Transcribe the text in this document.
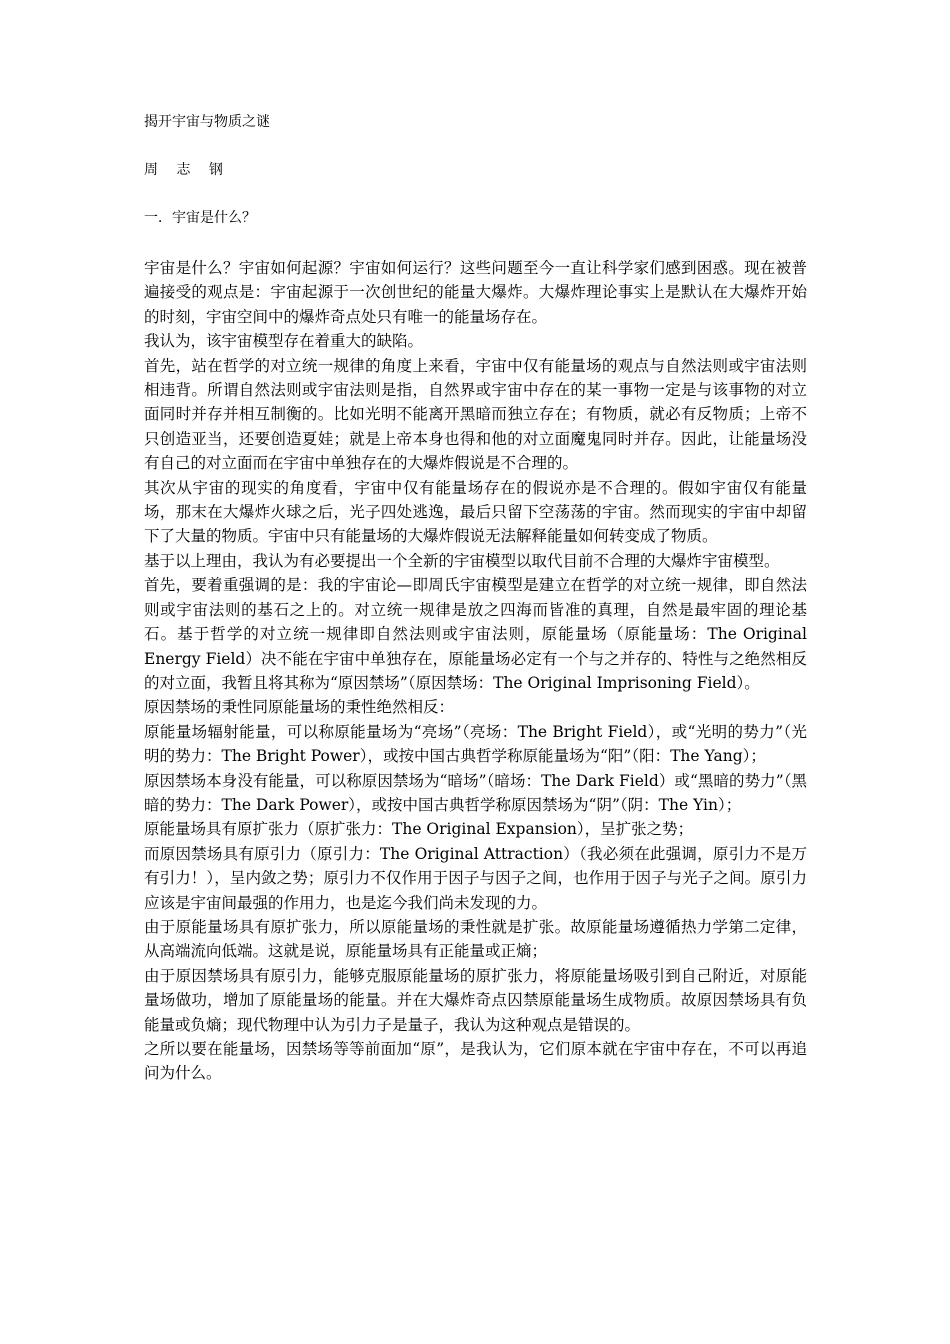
揭开宇宙与物质之谜
周 志 钢
一．宇宙是什么？

宇宙是什么？宇宙如何起源？宇宙如何运行？这些问题至今一直让科学家们感到困惑。现在被普遍接受的观点是：宇宙起源于一次创世纪的能量大爆炸。大爆炸理论事实上是默认在大爆炸开始的时刻，宇宙空间中的爆炸奇点处只有唯一的能量场存在。

我认为，该宇宙模型存在着重大的缺陷。

首先，站在哲学的对立统一规律的角度上来看，宇宙中仅有能量场的观点与自然法则或宇宙法则相违背。所谓自然法则或宇宙法则是指，自然界或宇宙中存在的某一事物一定是与该事物的对立面同时并存并相互制衡的。比如光明不能离开黑暗而独立存在；有物质，就必有反物质；上帝不只创造亚当，还要创造夏娃；就是上帝本身也得和他的对立面魔鬼同时并存。因此，让能量场没有自己的对立面而在宇宙中单独存在的大爆炸假说是不合理的。

其次从宇宙的现实的角度看，宇宙中仅有能量场存在的假说亦是不合理的。假如宇宙仅有能量场，那末在大爆炸火球之后，光子四处逃逸，最后只留下空荡荡的宇宙。然而现实的宇宙中却留下了大量的物质。宇宙中只有能量场的大爆炸假说无法解释能量如何转变成了物质。

基于以上理由，我认为有必要提出一个全新的宇宙模型以取代目前不合理的大爆炸宇宙模型。

首先，要着重强调的是：我的宇宙论—即周氏宇宙模型是建立在哲学的对立统一规律，即自然法则或宇宙法则的基石之上的。对立统一规律是放之四海而皆准的真理，自然是最牢固的理论基石。基于哲学的对立统一规律即自然法则或宇宙法则，原能量场（原能量场：The Original Energy Field）决不能在宇宙中单独存在，原能量场必定有一个与之并存的、特性与之绝然相反的对立面，我暂且将其称为“原因禁场”（原因禁场：The Original Imprisoning Field）。

原因禁场的秉性同原能量场的秉性绝然相反：

原能量场辐射能量，可以称原能量场为“亮场”（亮场：The Bright Field），或“光明的势力”（光明的势力：The Bright Power），或按中国古典哲学称原能量场为“阳”（阳：The Yang）；

原因禁场本身没有能量，可以称原因禁场为“暗场”（暗场：The Dark Field）或“黑暗的势力”（黑暗的势力：The Dark Power），或按中国古典哲学称原因禁场为“阴”（阴：The Yin）；

原能量场具有原扩张力（原扩张力：The Original Expansion），呈扩张之势；

而原因禁场具有原引力（原引力：The Original Attraction）（我必须在此强调，原引力不是万有引力！），呈内敛之势；原引力不仅作用于因子与因子之间，也作用于因子与光子之间。原引力应该是宇宙间最强的作用力，也是迄今我们尚未发现的力。

由于原能量场具有原扩张力，所以原能量场的秉性就是扩张。故原能量场遵循热力学第二定律，从高端流向低端。这就是说，原能量场具有正能量或正熵；

由于原因禁场具有原引力，能够克服原能量场的原扩张力，将原能量场吸引到自己附近，对原能量场做功，增加了原能量场的能量。并在大爆炸奇点囚禁原能量场生成物质。故原因禁场具有负能量或负熵；现代物理中认为引力子是量子，我认为这种观点是错误的。

之所以要在能量场，因禁场等等前面加“原”，是我认为，它们原本就在宇宙中存在，不可以再追问为什么。
